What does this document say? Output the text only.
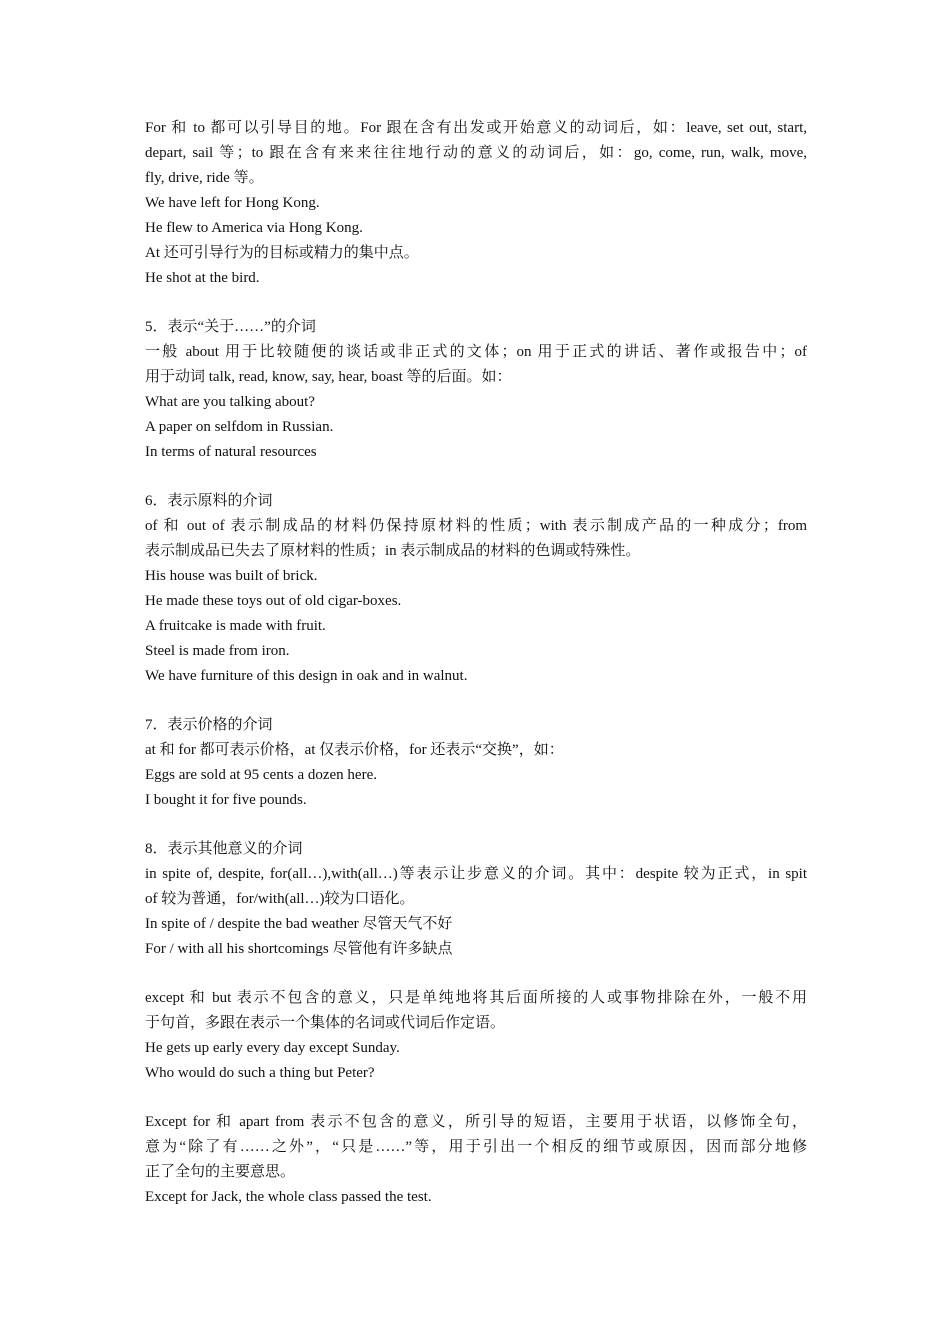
For 和 to 都可以引导目的地。For 跟在含有出发或开始意义的动词后，如：leave, set out, start,
depart, sail 等；to 跟在含有来来往往地行动的意义的动词后，如：go, come, run, walk, move,
fly, drive, ride 等。
We have left for Hong Kong.
He flew to America via Hong Kong.
At 还可引导行为的目标或精力的集中点。
He shot at the bird.
5．表示“关于……”的介词
一般 about 用于比较随便的谈话或非正式的文体；on 用于正式的讲话、著作或报告中；of
用于动词 talk, read, know, say, hear, boast 等的后面。如：
What are you talking about?
A paper on selfdom in Russian.
In terms of natural resources
6．表示原料的介词
of 和 out of 表示制成品的材料仍保持原材料的性质；with 表示制成产品的一种成分；from
表示制成品已失去了原材料的性质；in 表示制成品的材料的色调或特殊性。
His house was built of brick.
He made these toys out of old cigar-boxes.
A fruitcake is made with fruit.
Steel is made from iron.
We have furniture of this design in oak and in walnut.
7．表示价格的介词
at 和 for 都可表示价格，at 仅表示价格，for 还表示“交换”，如：
Eggs are sold at 95 cents a dozen here.
I bought it for five pounds.
8．表示其他意义的介词
in spite of, despite, for(all…),with(all…)等表示让步意义的介词。其中：despite 较为正式，in spit
of 较为普通，for/with(all…)较为口语化。
In spite of / despite the bad weather 尽管天气不好
For / with all his shortcomings 尽管他有许多缺点
except 和 but 表示不包含的意义，只是单纯地将其后面所接的人或事物排除在外，一般不用
于句首，多跟在表示一个集体的名词或代词后作定语。
He gets up early every day except Sunday.
Who would do such a thing but Peter?
Except for 和 apart from 表示不包含的意义，所引导的短语，主要用于状语，以修饰全句，
意为“除了有……之外”，“只是……”等，用于引出一个相反的细节或原因，因而部分地修
正了全句的主要意思。
Except for Jack, the whole class passed the test.
